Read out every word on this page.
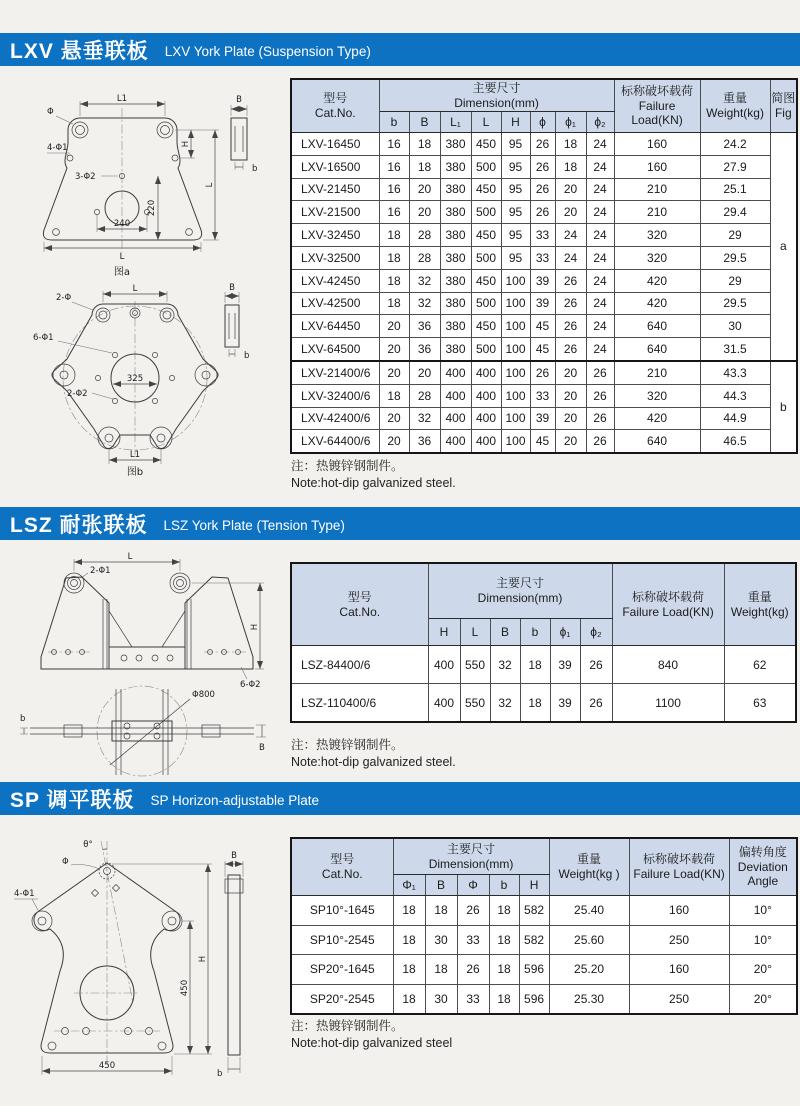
LXV 悬垂联板 LXV York Plate (Suspension Type)
L1
Φ
4-Φ1
3-Φ2
220
H
L
240
L
B
b
图a
L
2-Φ
6-Φ1
2-Φ2
325
L1
B
b
图b
型号
Cat.No.	主要尺寸
Dimension(mm)								标称破坏载荷
Failure
Load(KN)	重量
Weight(kg)	简图
Fig

	b	B	L₁	L	H	ϕ	ϕ₁	ϕ₂			
LXV-16450	16	18	380	450	95	26	18	24	160	24.2	a
LXV-16500	16	18	380	500	95	26	18	24	160	27.9	
LXV-21450	16	20	380	450	95	26	20	24	210	25.1	
LXV-21500	16	20	380	500	95	26	20	24	210	29.4	
LXV-32450	18	28	380	450	95	33	24	24	320	29	
LXV-32500	18	28	380	500	95	33	24	24	320	29.5	
LXV-42450	18	32	380	450	100	39	26	24	420	29	
LXV-42500	18	32	380	500	100	39	26	24	420	29.5	
LXV-64450	20	36	380	450	100	45	26	24	640	30	
LXV-64500	20	36	380	500	100	45	26	24	640	31.5	
LXV-21400/6	20	20	400	400	100	26	20	26	210	43.3	b
LXV-32400/6	18	28	400	400	100	33	20	26	320	44.3	
LXV-42400/6	20	32	400	400	100	39	20	26	420	44.9	
LXV-64400/6	20	36	400	400	100	45	20	26	640	46.5	
注：热镀锌钢制件。
Note:hot-dip galvanized steel.
LSZ 耐张联板 LSZ York Plate (Tension Type)
L
2-Φ1
H
6-Φ2
Φ800
b
B
型号
Cat.No.	主要尺寸
Dimension(mm)						标称破坏载荷
Failure Load(KN)	重量
Weight(kg)

	H	L	B	b	ϕ₁	ϕ₂		
LSZ-84400/6	400	550	32	18	39	26	840	62
LSZ-110400/6	400	550	32	18	39	26	1100	63
注：热镀锌钢制件。
Note:hot-dip galvanized steel.
SP 调平联板 SP Horizon-adjustable Plate
θ°
Φ
4-Φ1
450
H
450
B
b
型号
Cat.No.	主要尺寸
Dimension(mm)					重量
Weight(kg )	标称破坏载荷
Failure Load(KN)	偏转角度
Deviation
Angle

	Φ₁	B	Φ	b	H			
SP10°-1645	18	18	26	18	582	25.40	160	10°
SP10°-2545	18	30	33	18	582	25.60	250	10°
SP20°-1645	18	18	26	18	596	25.20	160	20°
SP20°-2545	18	30	33	18	596	25.30	250	20°
注：热镀锌钢制件。
Note:hot-dip galvanized steel
